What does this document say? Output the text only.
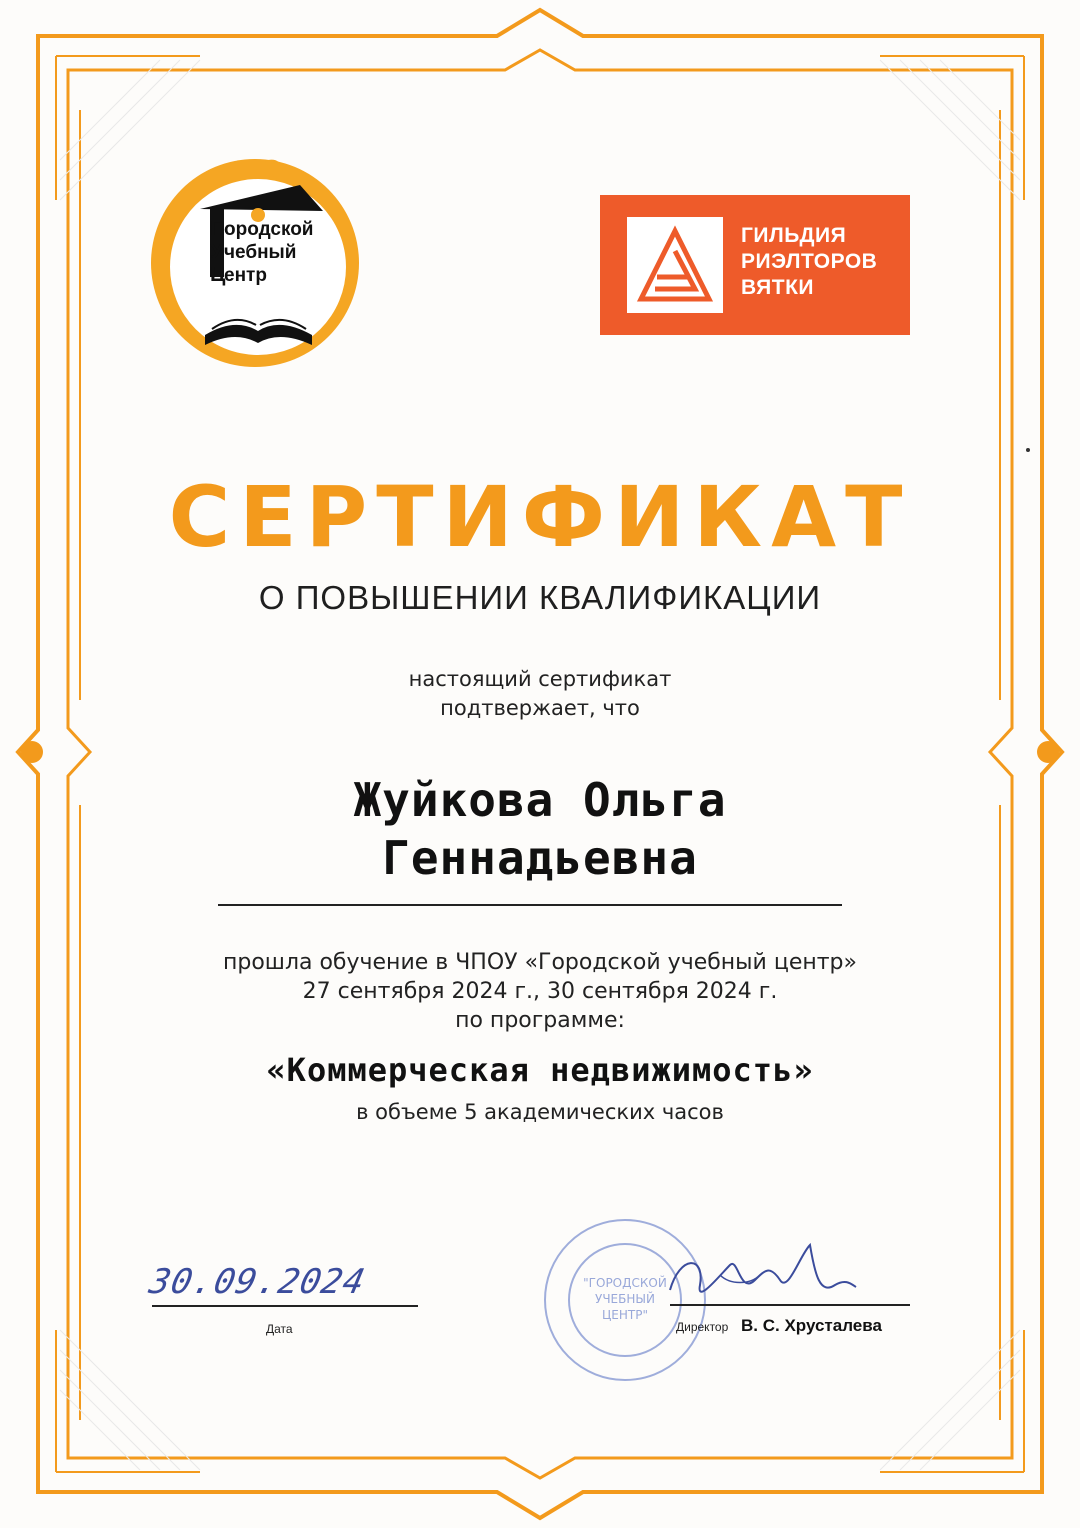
Г ородской
Учебный
Центр
ГИЛЬДИЯ
РИЭЛТОРОВ
ВЯТКИ
СЕРТИФИКАТ
О ПОВЫШЕНИИ КВАЛИФИКАЦИИ
настоящий сертификат
подтвержает, что
Жуйкова Ольга
Геннадьевна
прошла обучение в ЧПОУ «Городской учебный центр»
27 сентября 2024 г., 30 сентября 2024 г.
по программе:
«Коммерческая недвижимость»
в объеме 5 академических часов
30.09.2024
Дата
"ГОРОДСКОЙ
УЧЕБНЫЙ
ЦЕНТР"
Директор В. С. Хрусталева
